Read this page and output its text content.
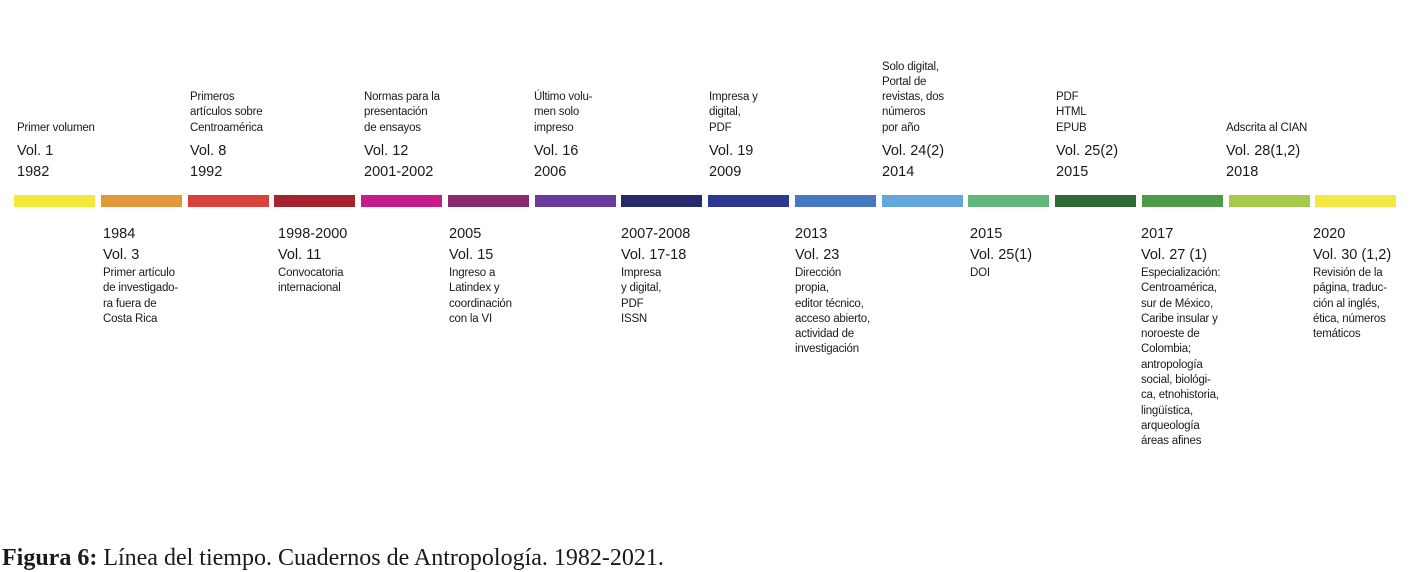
Primer volumen
Vol. 1
1982
Primeros
artículos sobre
Centroamérica
Vol. 8
1992
Normas para la
presentación
de ensayos
Vol. 12
2001-2002
Último volu-
men solo
impreso
Vol. 16
2006
Impresa y
digital,
PDF
Vol. 19
2009
Solo digital,
Portal de
revistas, dos
números
por año
Vol. 24(2)
2014
PDF
HTML
EPUB
Vol. 25(2)
2015
Adscrita al CIAN
Vol. 28(1,2)
2018
1984
Vol. 3
Primer artículo
de investigado-
ra fuera de
Costa Rica
1998-2000
Vol. 11
Convocatoria
internacional
2005
Vol. 15
Ingreso a
Latindex y
coordinación
con la VI
2007-2008
Vol. 17-18
Impresa
y digital,
PDF
ISSN
2013
Vol. 23
Dirección
propia,
editor técnico,
acceso abierto,
actividad de
investigación
2015
Vol. 25(1)
DOI
2017
Vol. 27 (1)
Especialización:
Centroamérica,
sur de México,
Caribe insular y
noroeste de
Colombia;
antropología
social, biológi-
ca, etnohistoria,
lingüística,
arqueología
áreas afines
2020
Vol. 30 (1,2)
Revisión de la
página, traduc-
ción al inglés,
ética, números
temáticos
Figura 6: Línea del tiempo. Cuadernos de Antropología. 1982-2021.
